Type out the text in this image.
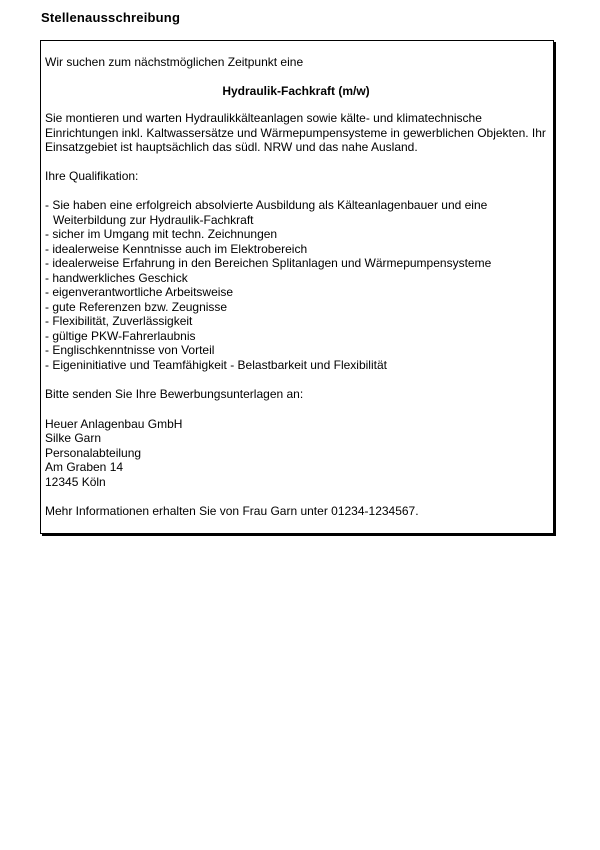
Stellenausschreibung

Wir suchen zum nächstmöglichen Zeitpunkt eine

Hydraulik-Fachkraft (m/w)

Sie montieren und warten Hydraulikkälteanlagen sowie kälte- und klimatechnische Einrichtungen inkl. Kaltwassersätze und Wärmepumpensysteme in gewerblichen Objekten. Ihr Einsatzgebiet ist hauptsächlich das südl. NRW und das nahe Ausland.

Ihre Qualifikation:

- Sie haben eine erfolgreich absolvierte Ausbildung als Kälteanlagenbauer und eine Weiterbildung zur Hydraulik-Fachkraft
- sicher im Umgang mit techn. Zeichnungen
- idealerweise Kenntnisse auch im Elektrobereich
- idealerweise Erfahrung in den Bereichen Splitanlagen und Wärmepumpensysteme
- handwerkliches Geschick
- eigenverantwortliche Arbeitsweise
- gute Referenzen bzw. Zeugnisse
- Flexibilität, Zuverlässigkeit
- gültige PKW-Fahrerlaubnis
- Englischkenntnisse von Vorteil
- Eigeninitiative und Teamfähigkeit - Belastbarkeit und Flexibilität

Bitte senden Sie Ihre Bewerbungsunterlagen an:

Heuer Anlagenbau GmbH
Silke Garn
Personalabteilung
Am Graben 14
12345 Köln

Mehr Informationen erhalten Sie von Frau Garn unter 01234-1234567.
